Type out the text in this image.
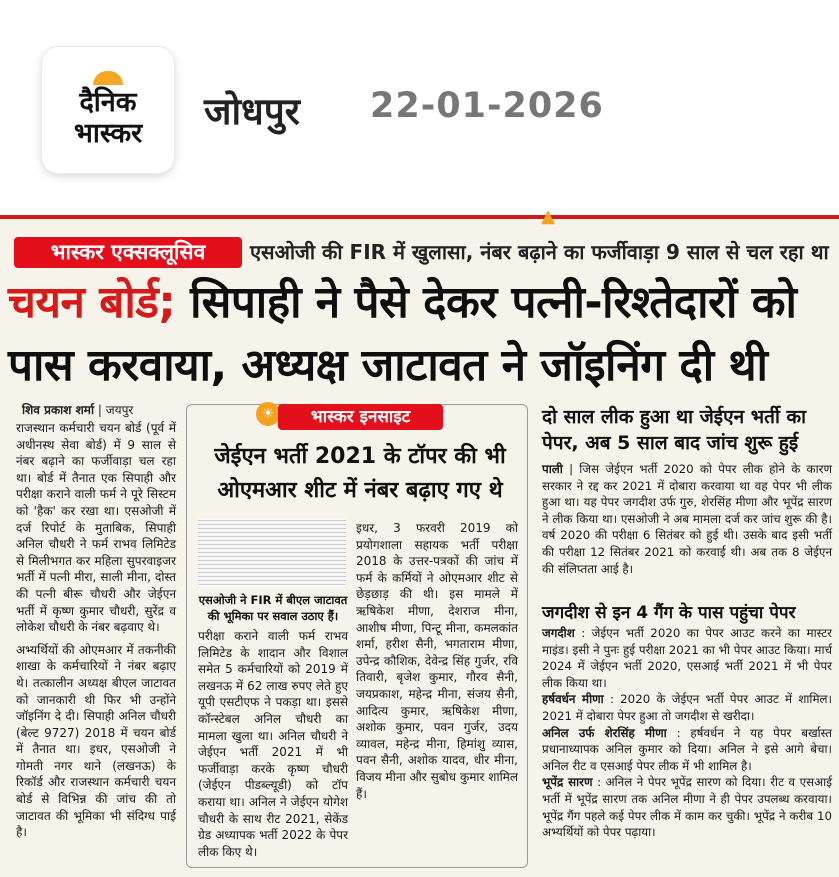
दैनिक
भास्कर
जोधपुर 22-01-2026
▲
भास्कर एक्सक्लूसिव	एसओजी की FIR में खुलासा, नंबर बढ़ाने का फर्जीवाड़ा 9 साल से चल रहा था
चयन बोर्ड; सिपाही ने पैसे देकर पत्नी-रिश्तेदारों को
पास करवाया, अध्यक्ष जाटावत ने जॉइनिंग दी थी
शिव प्रकाश शर्मा | जयपुर

राजस्थान कर्मचारी चयन बोर्ड (पूर्व में अधीनस्थ सेवा बोर्ड) में 9 साल से नंबर बढ़ाने का फर्जीवाड़ा चल रहा था। बोर्ड में तैनात एक सिपाही और परीक्षा कराने वाली फर्म ने पूरे सिस्टम को 'हैक' कर रखा था। एसओजी में दर्ज रिपोर्ट के मुताबिक, सिपाही अनिल चौधरी ने फर्म राभव लिमिटेड से मिलीभगत कर महिला सुपरवाइजर भर्ती में पत्नी मीरा, साली मीना, दोस्त की पत्नी बीरू चौधरी और जेईएन भर्ती में कृष्ण कुमार चौधरी, सुरेंद्र व लोकेश चौधरी के नंबर बढ़वाए थे।

अभ्यर्थियों की ओएमआर में तकनीकी शाखा के कर्मचारियों ने नंबर बढ़ाए थे। तत्कालीन अध्यक्ष बीएल जाटावत को जानकारी थी फिर भी उन्होंने जॉइनिंग दे दी। सिपाही अनिल चौधरी (बेल्ट 9727) 2018 में चयन बोर्ड में तैनात था। इधर, एसओजी ने गोमती नगर थाने (लखनऊ) के रिकॉर्ड और राजस्थान कर्मचारी चयन बोर्ड से विभिन्न की जांच की तो जाटावत की भूमिका भी संदिग्ध पाई है।

☀	भास्कर इनसाइट
जेईएन भर्ती 2021 के टॉपर की भी ओएमआर शीट में नंबर बढ़ाए गए थे
एसओजी ने FIR में बीएल जाटावत की भूमिका पर सवाल उठाए हैं।
परीक्षा कराने वाली फर्म राभव लिमिटेड के शादान और विशाल समेत 5 कर्मचारियों को 2019 में लखनऊ में 62 लाख रुपए लेते हुए यूपी एसटीएफ ने पकड़ा था। इससे कॉन्स्टेबल अनिल चौधरी का मामला खुला था। अनिल चौधरी ने जेईएन भर्ती 2021 में भी फर्जीवाड़ा करके कृष्ण चौधरी (जेईएन पीडब्ल्यूडी) को टॉप कराया था। अनिल ने जेईएन योगेश चौधरी के साथ रीट 2021, सेकेंड ग्रेड अध्यापक भर्ती 2022 के पेपर लीक किए थे।
इधर, 3 फरवरी 2019 को प्रयोगशाला सहायक भर्ती परीक्षा 2018 के उत्तर-पत्रकों की जांच में फर्म के कर्मियों ने ओएमआर शीट से छेड़छाड़ की थी। इस मामले में ऋषिकेश मीणा, देशराज मीना, आशीष मीणा, पिन्टू मीना, कमलकांत शर्मा, हरीश सैनी, भगताराम मीणा, उपेन्द्र कौशिक, देवेन्द्र सिंह गुर्जर, रवि तिवारी, बृजेश कुमार, गौरव सैनी, जयप्रकाश, महेन्द्र मीना, संजय सैनी, आदित्य कुमार, ऋषिकेश मीणा, अशोक कुमार, पवन गुर्जर, उदय व्यावल, महेन्द्र मीना, हिमांशु व्यास, पवन सैनी, अशोक यादव, धीर मीना, विजय मीना और सुबोध कुमार शामिल हैं।
दो साल लीक हुआ था जेईएन भर्ती का पेपर, अब 5 साल बाद जांच शुरू हुई
पाली | जिस जेईएन भर्ती 2020 को पेपर लीक होने के कारण सरकार ने रद्द कर 2021 में दोबारा करवाया था वह पेपर भी लीक हुआ था। यह पेपर जगदीश उर्फ गुरु, शेरसिंह मीणा और भूपेंद्र सारण ने लीक किया था। एसओजी ने अब मामला दर्ज कर जांच शुरू की है। वर्ष 2020 की परीक्षा 6 सितंबर को हुई थी। उसके बाद इसी भर्ती की परीक्षा 12 सितंबर 2021 को करवाई थी। अब तक 8 जेईएन की संलिप्तता आई है।
जगदीश से इन 4 गैंग के पास पहुंचा पेपर

जगदीश : जेईएन भर्ती 2020 का पेपर आउट करने का मास्टर माइंड। इसी ने पुनः हुई परीक्षा 2021 का भी पेपर आउट किया। मार्च 2024 में जेईएन भर्ती 2020, एसआई भर्ती 2021 में भी पेपर लीक किया था।

हर्षवर्धन मीणा : 2020 के जेईएन भर्ती पेपर आउट में शामिल। 2021 में दोबारा पेपर हुआ तो जगदीश से खरीदा।

अनिल उर्फ शेरसिंह मीणा : हर्षवर्धन ने यह पेपर बर्खास्त प्रधानाध्यापक अनिल कुमार को दिया। अनिल ने इसे आगे बेचा। अनिल रीट व एसआई पेपर लीक में भी शामिल है।

भूपेंद्र सारण : अनिल ने पेपर भूपेंद्र सारण को दिया। रीट व एसआई भर्ती में भूपेंद्र सारण तक अनिल मीणा ने ही पेपर उपलब्ध करवाया। भूपेंद्र गैंग पहले कई पेपर लीक में काम कर चुकी। भूपेंद्र ने करीब 10 अभ्यर्थियों को पेपर पढ़ाया।
